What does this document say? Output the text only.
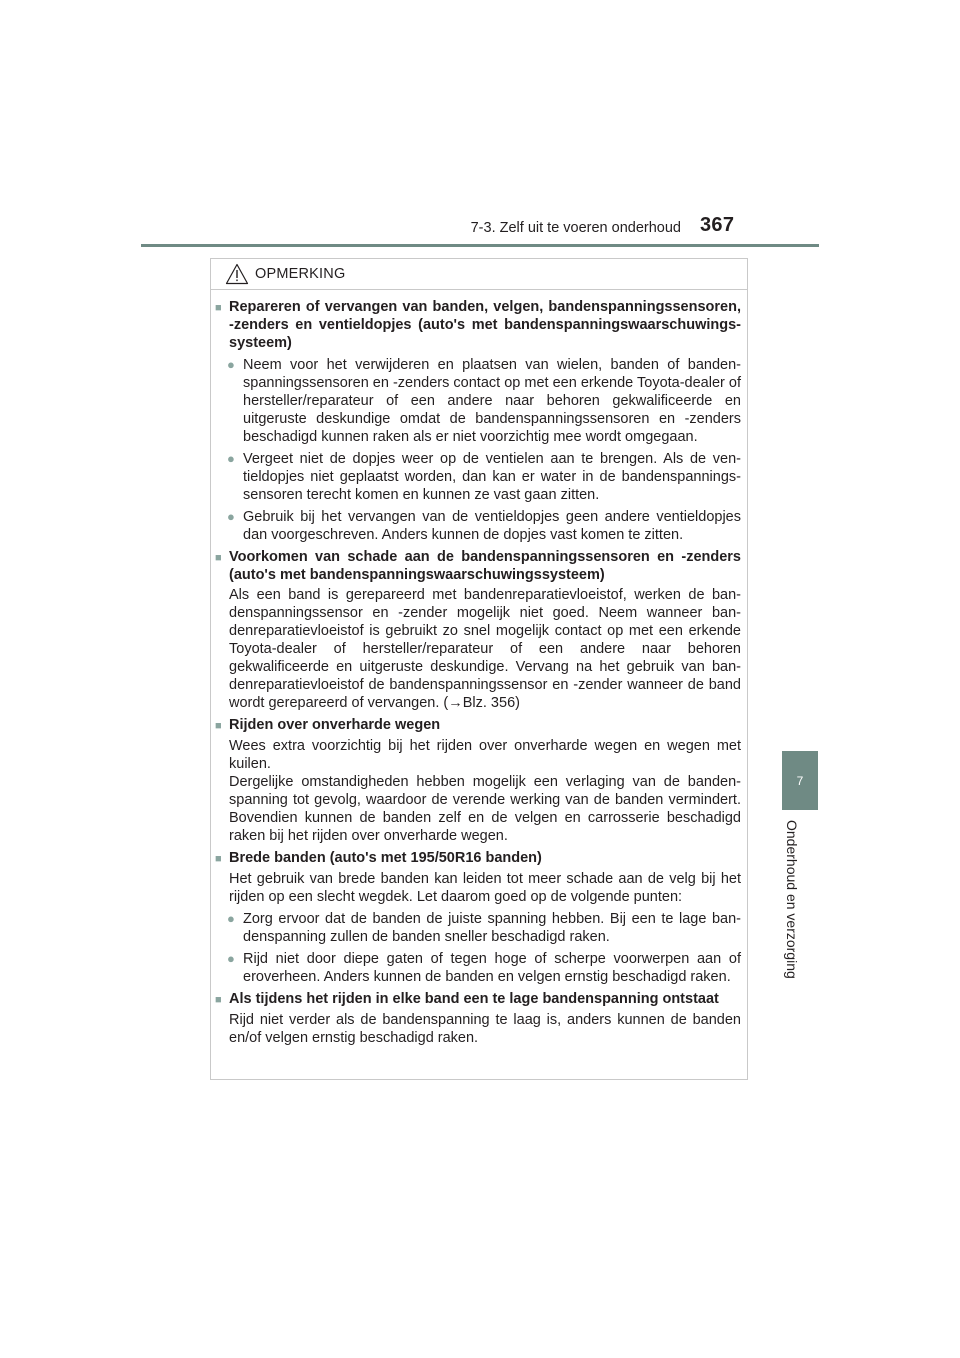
7-3. Zelf uit te voeren onderhoud 367
7
Onderhoud en verzorging
OPMERKING
■ Repareren of vervangen van banden, velgen, bandenspanningssensoren, -zenders en ventieldopjes (auto's met bandenspanningswaarschuwingssysteem)
● Neem voor het verwijderen en plaatsen van wielen, banden of bandenspanningssensoren en -zenders contact op met een erkende Toyota-dealer of hersteller/reparateur of een andere naar behoren gekwalificeerde en uitgeruste deskundige omdat de bandenspanningssensoren en -zenders beschadigd kunnen raken als er niet voorzichtig mee wordt omgegaan.
● Vergeet niet de dopjes weer op de ventielen aan te brengen. Als de ventieldopjes niet geplaatst worden, dan kan er water in de bandenspanningssensoren terecht komen en kunnen ze vast gaan zitten.
● Gebruik bij het vervangen van de ventieldopjes geen andere ventieldopjes dan voorgeschreven. Anders kunnen de dopjes vast komen te zitten.
■ Voorkomen van schade aan de bandenspanningssensoren en -zenders (auto's met bandenspanningswaarschuwingssysteem)
Als een band is gerepareerd met bandenreparatievloeistof, werken de bandenspanningssensor en -zender mogelijk niet goed. Neem wanneer bandenreparatievloeistof is gebruikt zo snel mogelijk contact op met een erkende Toyota-dealer of hersteller/reparateur of een andere naar behoren gekwalificeerde en uitgeruste deskundige. Vervang na het gebruik van bandenreparatievloeistof de bandenspanningssensor en -zender wanneer de band wordt gerepareerd of vervangen. (→Blz. 356)
■ Rijden over onverharde wegen
Wees extra voorzichtig bij het rijden over onverharde wegen en wegen met kuilen.
Dergelijke omstandigheden hebben mogelijk een verlaging van de bandenspanning tot gevolg, waardoor de verende werking van de banden vermindert. Bovendien kunnen de banden zelf en de velgen en carrosserie beschadigd raken bij het rijden over onverharde wegen.
■ Brede banden (auto's met 195/50R16 banden)
Het gebruik van brede banden kan leiden tot meer schade aan de velg bij het rijden op een slecht wegdek. Let daarom goed op de volgende punten:
● Zorg ervoor dat de banden de juiste spanning hebben. Bij een te lage bandenspanning zullen de banden sneller beschadigd raken.
● Rijd niet door diepe gaten of tegen hoge of scherpe voorwerpen aan of eroverheen. Anders kunnen de banden en velgen ernstig beschadigd raken.
■ Als tijdens het rijden in elke band een te lage bandenspanning ontstaat
Rijd niet verder als de bandenspanning te laag is, anders kunnen de banden en/of velgen ernstig beschadigd raken.
